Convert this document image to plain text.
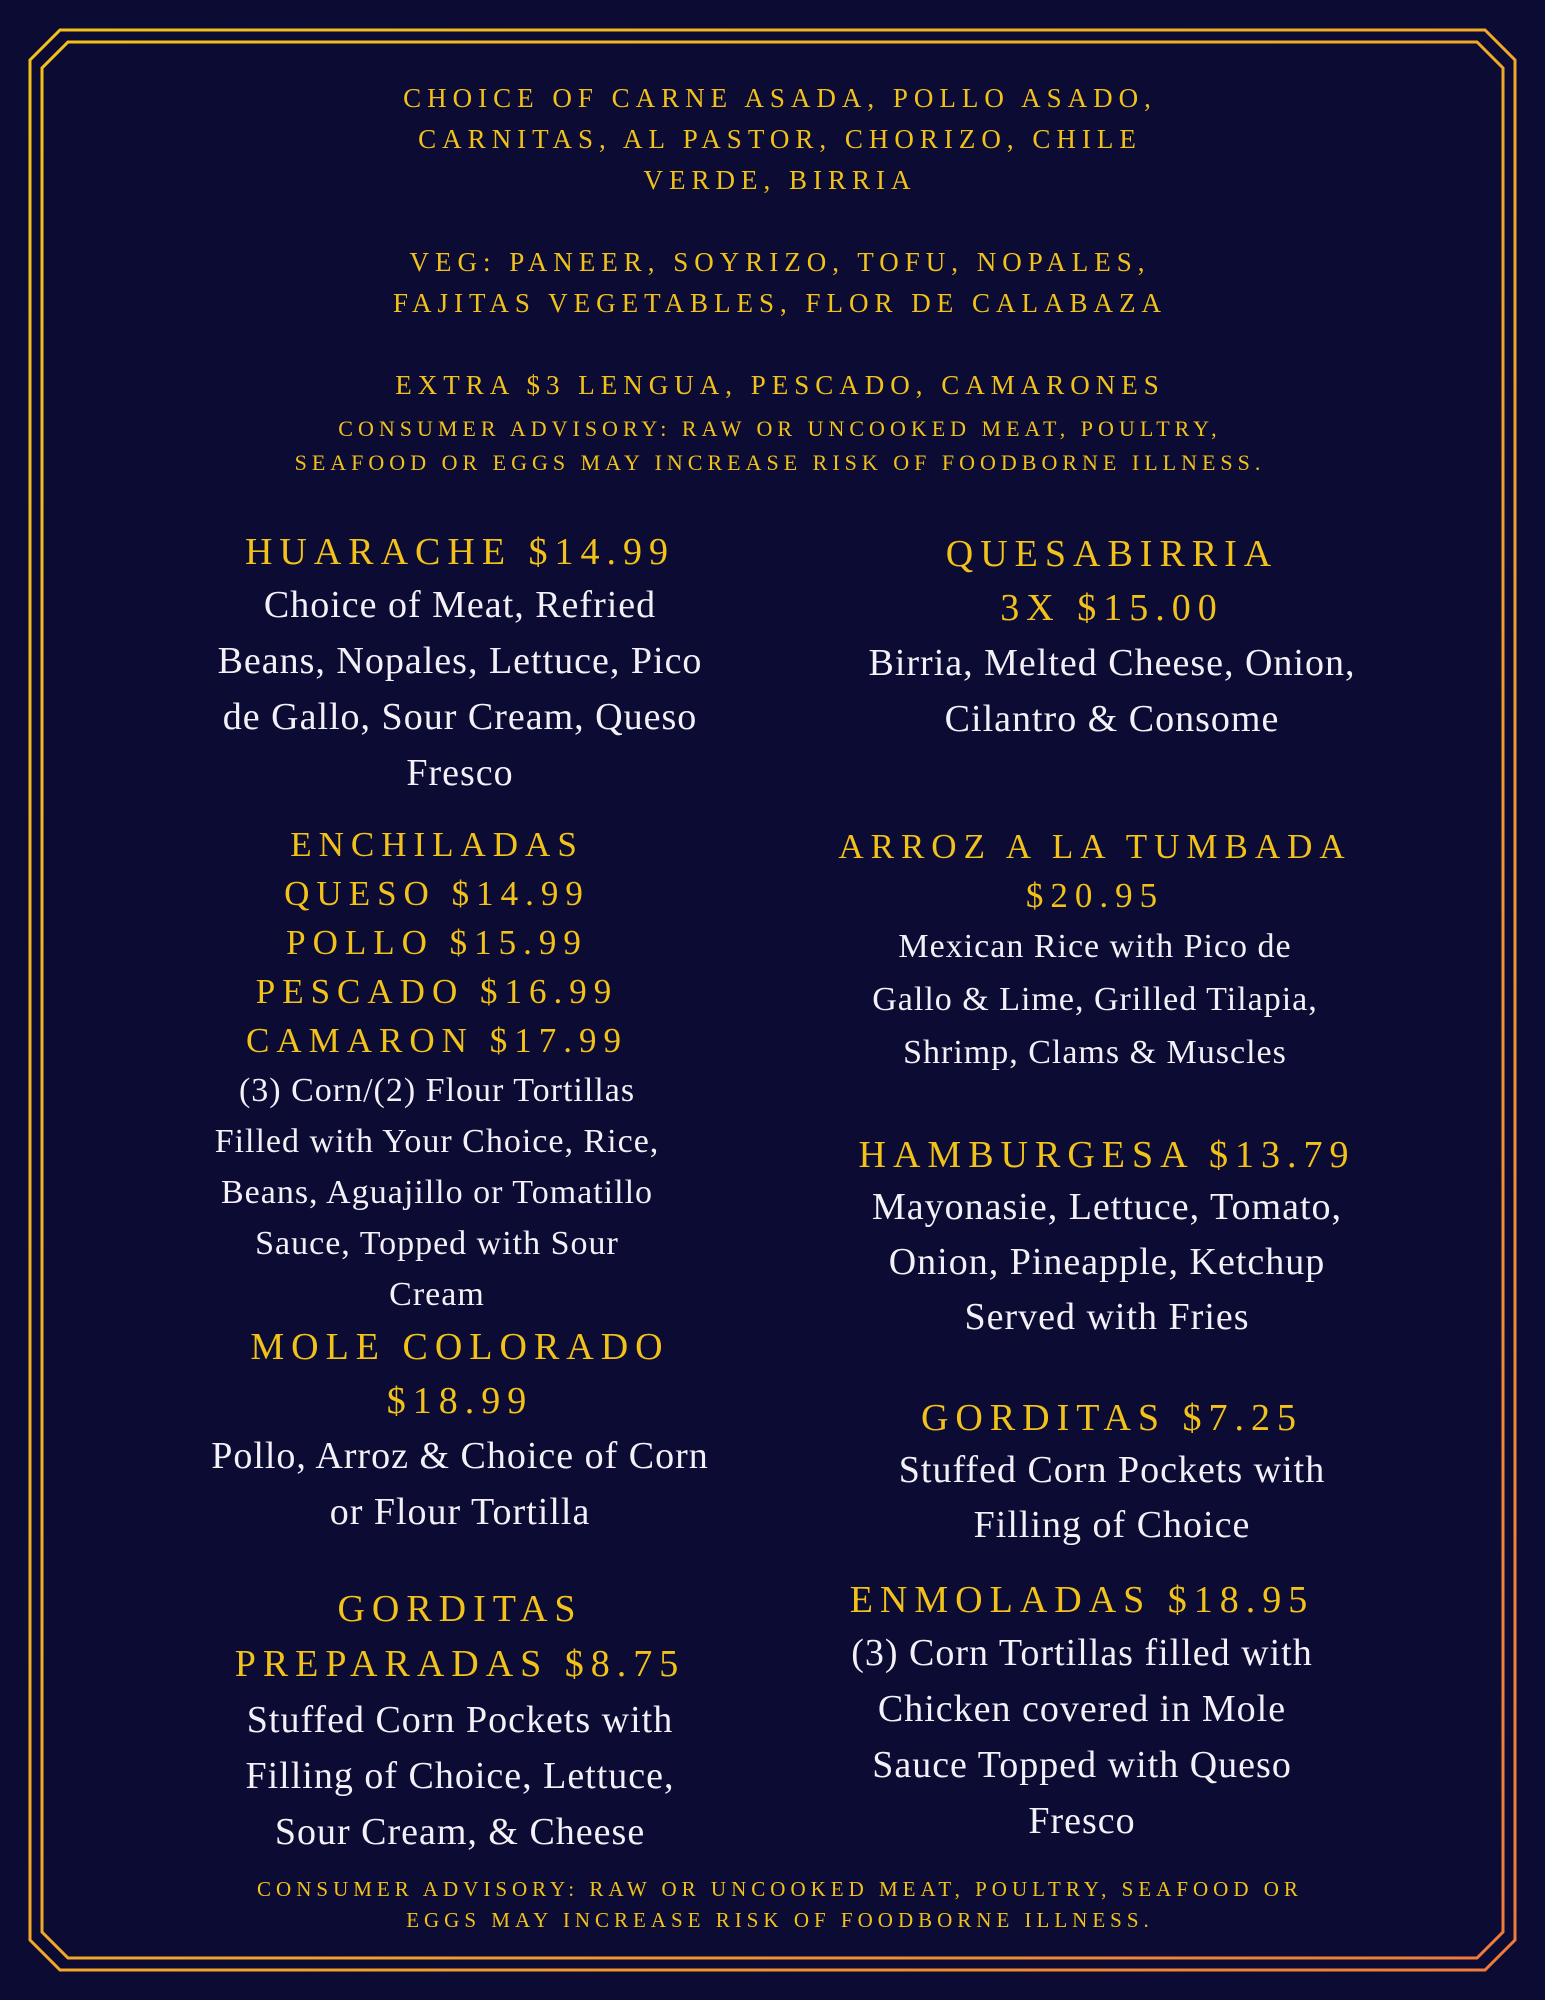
CHOICE OF CARNE ASADA, POLLO ASADO,
CARNITAS, AL PASTOR, CHORIZO, CHILE
VERDE, BIRRIA
VEG: PANEER, SOYRIZO, TOFU, NOPALES,
FAJITAS VEGETABLES, FLOR DE CALABAZA
EXTRA $3 LENGUA, PESCADO, CAMARONES
CONSUMER ADVISORY: RAW OR UNCOOKED MEAT, POULTRY,
SEAFOOD OR EGGS MAY INCREASE RISK OF FOODBORNE ILLNESS.
HUARACHE $14.99
Choice of Meat, Refried
Beans, Nopales, Lettuce, Pico
de Gallo, Sour Cream, Queso
Fresco
ENCHILADAS
QUESO $14.99
POLLO $15.99
PESCADO $16.99
CAMARON $17.99
(3) Corn/(2) Flour Tortillas
Filled with Your Choice, Rice,
Beans, Aguajillo or Tomatillo
Sauce, Topped with Sour
Cream
MOLE COLORADO
$18.99
Pollo, Arroz & Choice of Corn
or Flour Tortilla
GORDITAS
PREPARADAS $8.75
Stuffed Corn Pockets with
Filling of Choice, Lettuce,
Sour Cream, & Cheese
QUESABIRRIA
3X $15.00
Birria, Melted Cheese, Onion,
Cilantro & Consome
ARROZ A LA TUMBADA
$20.95
Mexican Rice with Pico de
Gallo & Lime, Grilled Tilapia,
Shrimp, Clams & Muscles
HAMBURGESA $13.79
Mayonasie, Lettuce, Tomato,
Onion, Pineapple, Ketchup
Served with Fries
GORDITAS $7.25
Stuffed Corn Pockets with
Filling of Choice
ENMOLADAS $18.95
(3) Corn Tortillas filled with
Chicken covered in Mole
Sauce Topped with Queso
Fresco
CONSUMER ADVISORY: RAW OR UNCOOKED MEAT, POULTRY, SEAFOOD OR
EGGS MAY INCREASE RISK OF FOODBORNE ILLNESS.
